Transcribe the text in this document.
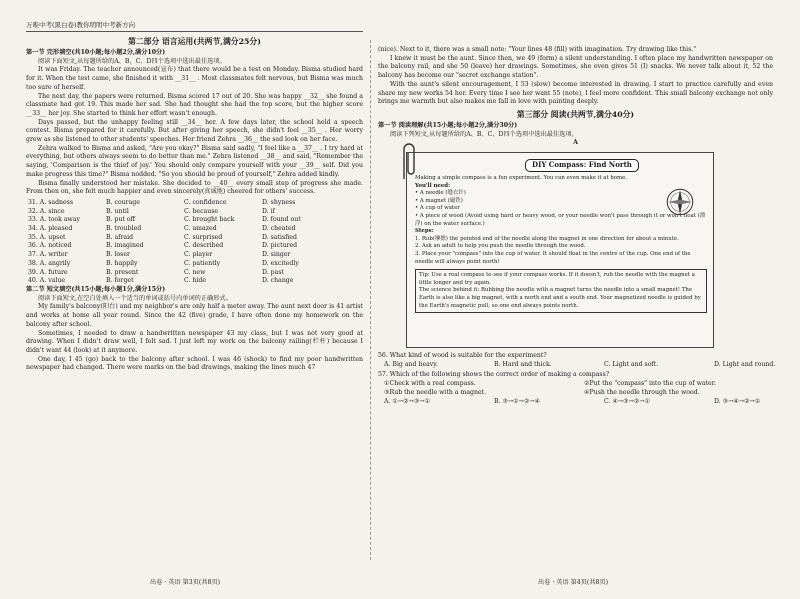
万唯中考(黑白卷)教你明明中考新方向
第二部分 语言运用(共两节,满分25分)
第一节 完形填空(共10小题;每小题2分,满分10分)

阅读下面短文,从每题所给的A、B、C、D四个选项中选出最佳选项。

It was Friday. The teacher announced(宣布) that there would be a test on Monday. Bisma studied hard for it. When the test came, she finished it with __31__ . Most classmates felt nervous, but Bisma was much too sure of herself.

The next day, the papers were returned. Bisma scored 17 out of 20. She was happy __32__ she found a classmate had got 19. This made her sad. She had thought she had the top score, but the higher score __33__ her joy. She started to think her effort wasn't enough.

Days passed, but the unhappy feeling still __34__ her. A few days later, the school held a speech contest. Bisma prepared for it carefully. But after giving her speech, she didn't feel __35__ . Her worry grew as she listened to other students' speeches. Her friend Zehra __36__ the sad look on her face.

Zehra walked to Bisma and asked, "Are you okay?" Bisma said sadly, "I feel like a __37__ . I try hard at everything, but others always seem to do better than me." Zehra listened __38__ and said, "Remember the saying, 'Comparison is the thief of joy.' You should only compare yourself with your __39__ self. Did you make progress this time?" Bisma nodded. "So you should be proud of yourself," Zehra added kindly.

Bisma finally understood her mistake. She decided to __40__ every small step of progress she made. From then on, she felt much happier and even sincerely(真诚地) cheered for others' success.

31. A. sadness	B. courage	C. confidence	D. shyness
32. A. since	B. until	C. because	D. if
33. A. took away	B. put off	C. brought back	D. found out
34. A. pleased	B. troubled	C. amazed	D. cheated
35. A. upset	B. afraid	C. surprised	D. satisfied
36. A. noticed	B. imagined	C. described	D. pictured
37. A. writer	B. loser	C. player	D. singer
38. A. angrily	B. happily	C. patiently	D. excitedly
39. A. future	B. present	C. new	D. past
40. A. value	B. forget	C. hide	D. change
第二节 短文填空(共15小题;每小题1分,满分15分)

阅读下面短文,在空白处填入一个适当的单词或括号内单词的正确形式。

My family's balcony(阳台) and my neighbor's are only half a meter away. The aunt next door is 41 artist and works at home all year round. Since the 42 (five) grade, I have often done my homework on the balcony after school.

Sometimes, I needed to draw a handwritten newspaper 43 my class, but I was not very good at drawing. When I didn't draw well, I felt sad. I just left my work on the balcony railing(栏杆) because I didn't want 44 (look) at it anymore.

One day, I 45 (go) back to the balcony after school. I was 46 (shock) to find my poor handwritten newspaper had changed. There were marks on the bad drawings, making the lines much 47

出卷 · 英语 第3页(共8页)

(nice). Next to it, there was a small note: "Your lines 48 (fill) with imagination. Try drawing like this."

I knew it must be the aunt. Since then, we 49 (form) a silent understanding. I often place my handwritten newspaper on the balcony rail, and she 50 (leave) her drawings. Sometimes, she even gives 51 (I) snacks. We never talk about it, 52 the balcony has become our "secret exchange station".

With the aunt's silent encouragement, I 53 (slow) become interested in drawing. I start to practice carefully and even share my new works 54 her. Every time I see her want 55 (note), I feel more confident. This small balcony exchange not only brings me warmth but also makes me fall in love with painting deeply.

第三部分 阅读(共两节,满分40分)
第一节 阅读理解(共15小题;每小题2分,满分30分)

阅读下列短文,从每题所给的A、B、C、D四个选项中选出最佳选项。

A
DIY Compass: Find North
Making a simple compass is a fun experiment. You can even make it at home.
You'll need:
• A needle (缝衣针)
• A magnet (磁铁)
• A cup of water
• A piece of wood (Avoid using hard or heavy wood, or your needle won't pass through it or won't float (漂浮) on the water surface.)
Steps:
1. Rub(摩擦) the pointed end of the needle along the magnet in one direction for about a minute.
2. Ask an adult to help you push the needle through the wood.
3. Place your "compass" into the cup of water. It should float in the centre of the cup. One end of the needle will always point north!
Tip: Use a real compass to see if your compass works. If it doesn't, rub the needle with the magnet a little longer and try again.
The science behind it: Rubbing the needle with a magnet turns the needle into a small magnet! The Earth is also like a big magnet, with a north end and a south end. Your magnetized needle is guided by the Earth's magnetic pull, so one end always points north.
56. What kind of wood is suitable for the experiment?
A. Big and heavy.	B. Hard and thick.	C. Light and soft.	D. Light and round.
57. Which of the following shows the correct order of making a compass?
①Check with a real compass.	②Put the "compass" into the cup of water.
③Rub the needle with a magnet.	④Push the needle through the wood.
A. ①→②→③→①	B. ③→①→②→④	C. ④→③→②→①	D. ③→④→②→①
出卷 · 英语 第4页(共8页)
